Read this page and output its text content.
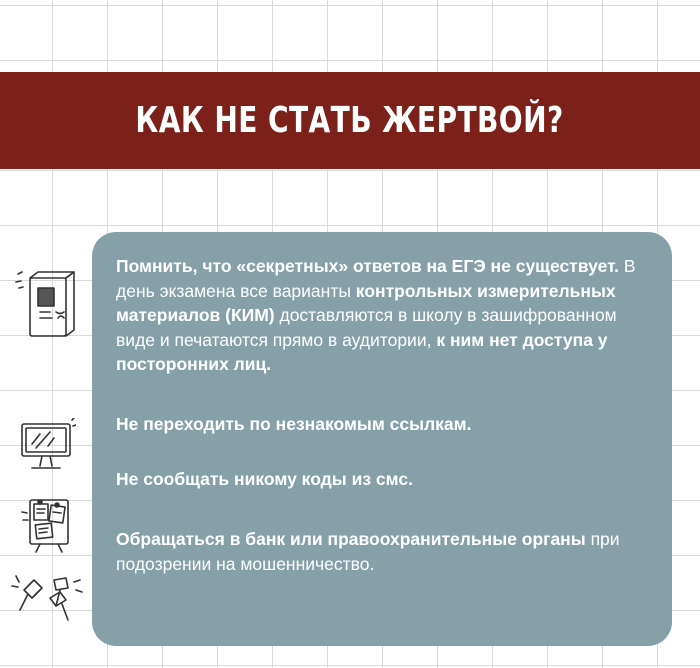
КАК НЕ СТАТЬ ЖЕРТВОЙ?

Помнить, что «секретных» ответов на ЕГЭ не существует. В день экзамена все варианты контрольных измерительных материалов (КИМ) доставляются в школу в зашифрованном виде и печатаются прямо в аудитории, к ним нет доступа у посторонних лиц.

Не переходить по незнакомым ссылкам.

Не сообщать никому коды из смс.

Обращаться в банк или правоохранительные органы при подозрении на мошенничество.
